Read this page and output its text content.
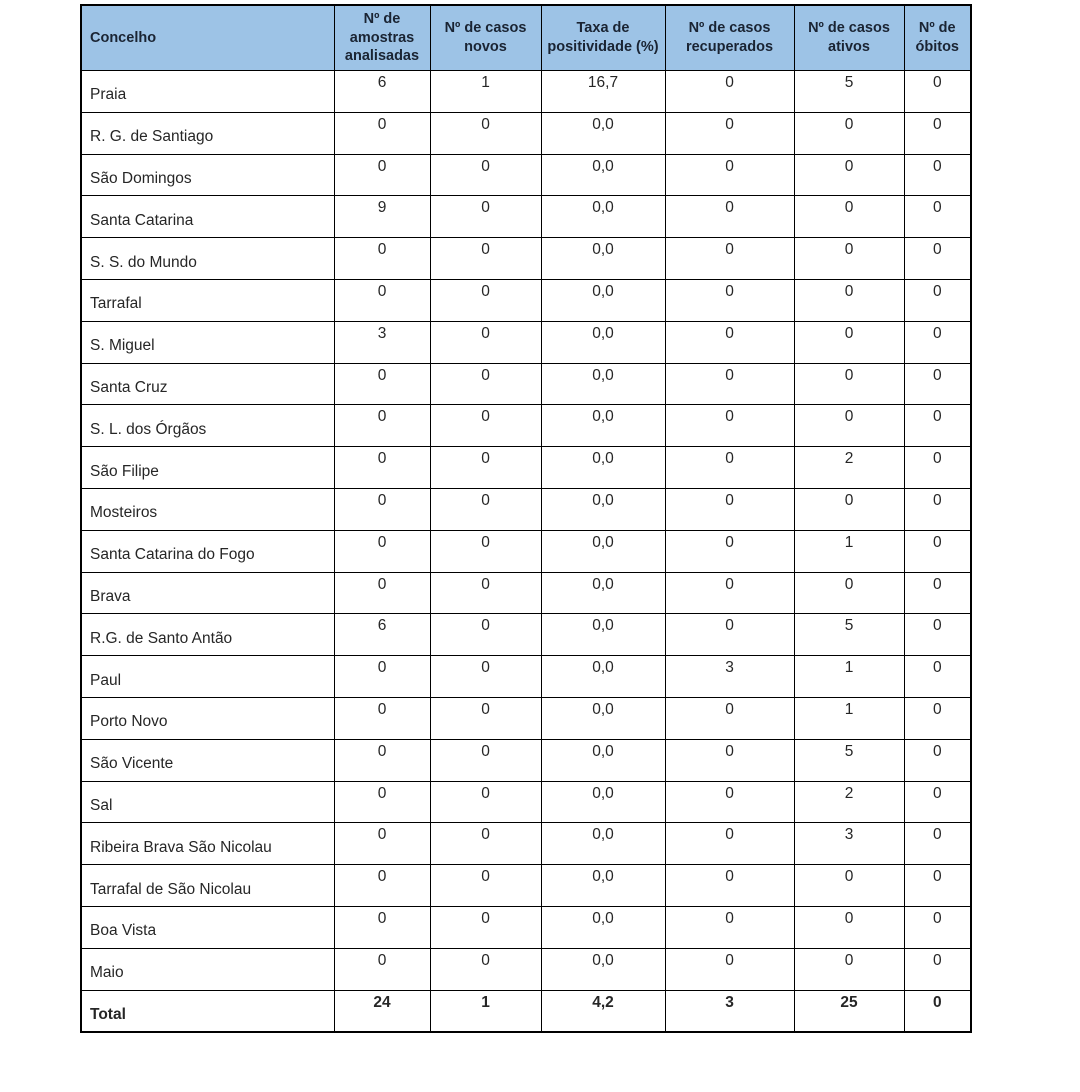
Concelho	Nº de amostras analisadas	Nº de casos novos	Taxa de positividade (%)	Nº de casos recuperados	Nº de casos ativos	Nº de óbitos
Praia	6	1	16,7	0	5	0
R. G. de Santiago	0	0	0,0	0	0	0
São Domingos	0	0	0,0	0	0	0
Santa Catarina	9	0	0,0	0	0	0
S. S. do Mundo	0	0	0,0	0	0	0
Tarrafal	0	0	0,0	0	0	0
S. Miguel	3	0	0,0	0	0	0
Santa Cruz	0	0	0,0	0	0	0
S. L. dos Órgãos	0	0	0,0	0	0	0
São Filipe	0	0	0,0	0	2	0
Mosteiros	0	0	0,0	0	0	0
Santa Catarina do Fogo	0	0	0,0	0	1	0
Brava	0	0	0,0	0	0	0
R.G. de Santo Antão	6	0	0,0	0	5	0
Paul	0	0	0,0	3	1	0
Porto Novo	0	0	0,0	0	1	0
São Vicente	0	0	0,0	0	5	0
Sal	0	0	0,0	0	2	0
Ribeira Brava São Nicolau	0	0	0,0	0	3	0
Tarrafal de São Nicolau	0	0	0,0	0	0	0
Boa Vista	0	0	0,0	0	0	0
Maio	0	0	0,0	0	0	0
Total	24	1	4,2	3	25	0
